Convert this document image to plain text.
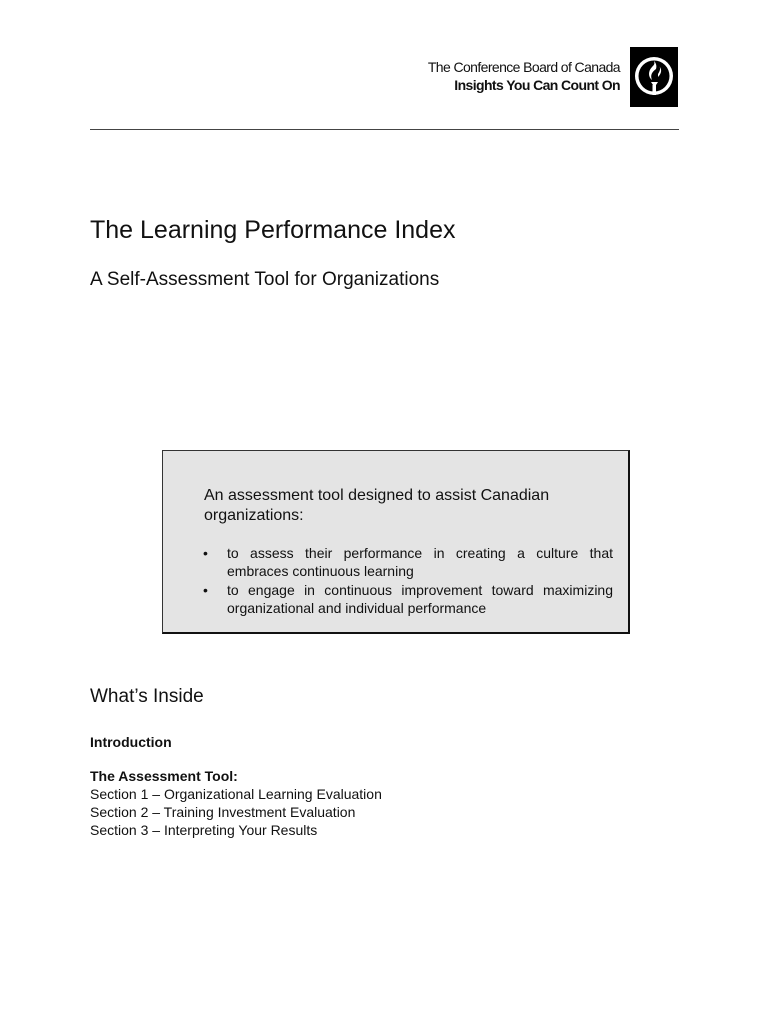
The Conference Board of Canada
Insights You Can Count On
The Learning Performance Index
A Self-Assessment Tool for Organizations

An assessment tool designed to assist Canadian organizations:

• to assess their performance in creating a culture that embraces continuous learning
• to engage in continuous improvement toward maximizing organizational and individual performance
What’s Inside
Introduction
The Assessment Tool:
Section 1 – Organizational Learning Evaluation
Section 2 – Training Investment Evaluation
Section 3 – Interpreting Your Results
